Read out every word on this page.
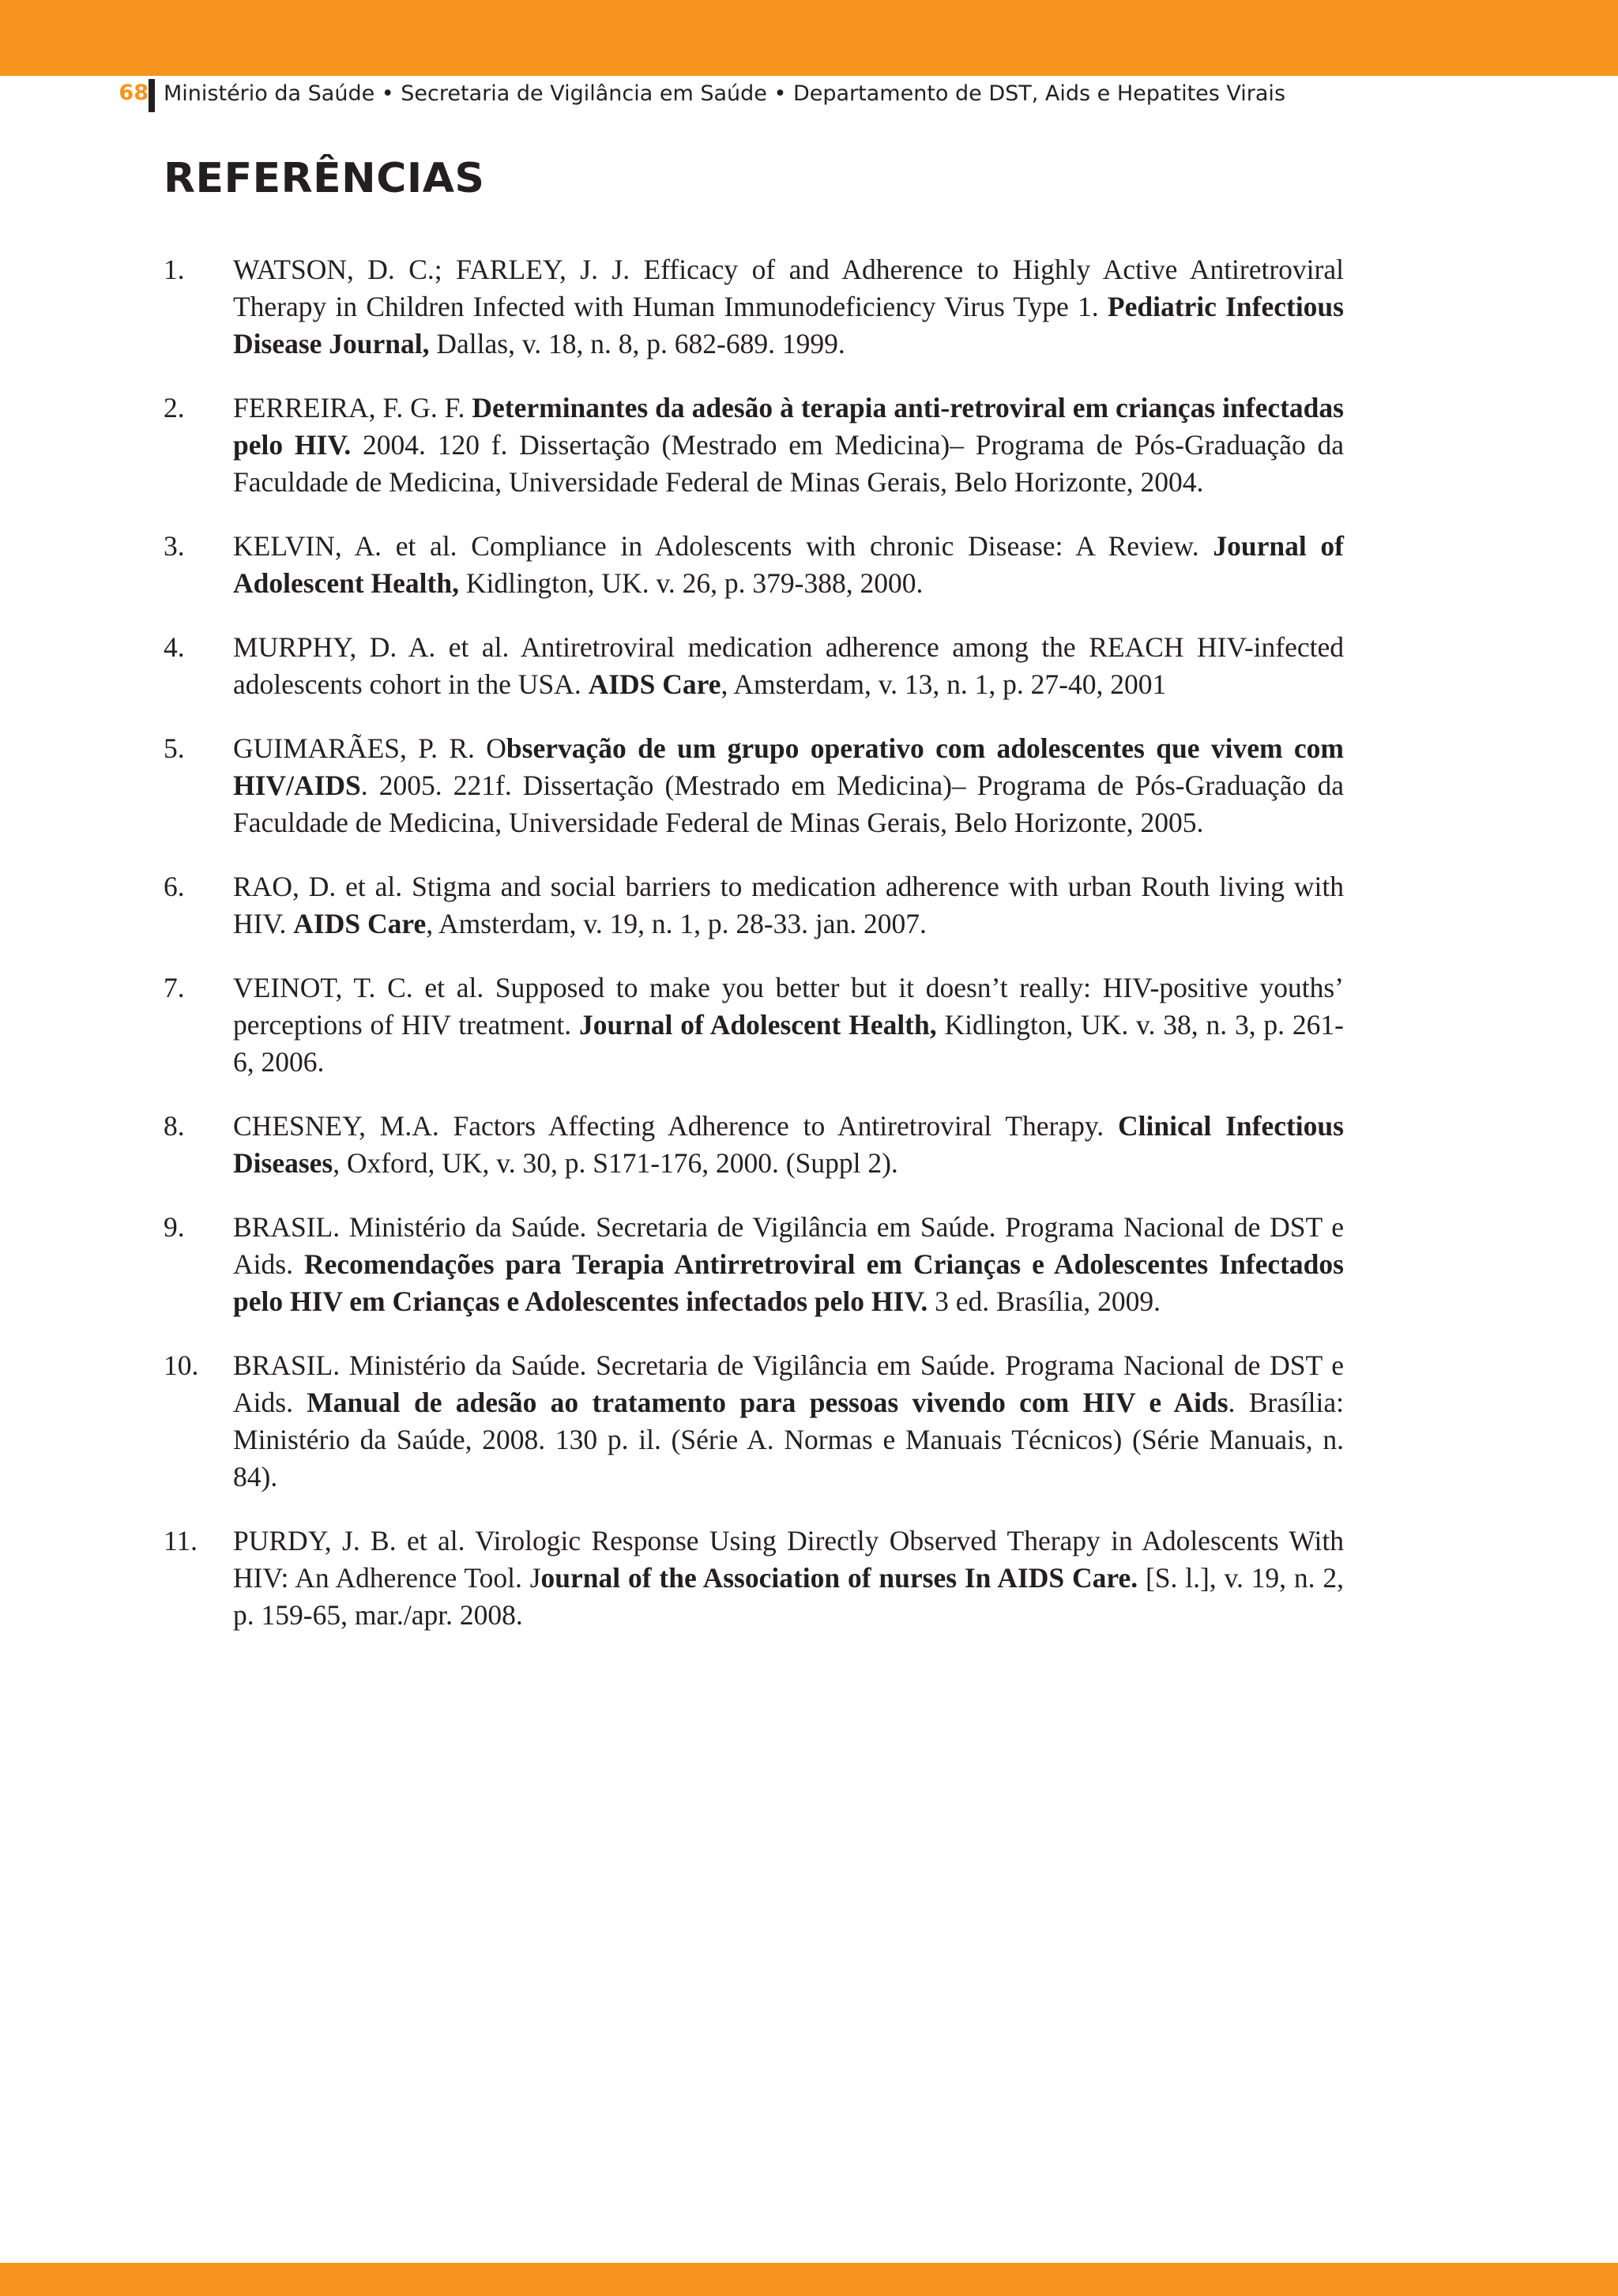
68 Ministério da Saúde • Secretaria de Vigilância em Saúde • Departamento de DST, Aids e Hepatites Virais
REFERÊNCIAS
1. WATSON, D. C.; FARLEY, J. J. Efficacy of and Adherence to Highly Active Antiretroviral Therapy in Children Infected with Human Immunodeficiency Virus Type 1. Pediatric Infectious Disease Journal, Dallas, v. 18, n. 8, p. 682-689. 1999.
2. FERREIRA, F. G. F. Determinantes da adesão à terapia anti-retroviral em crianças infectadas pelo HIV. 2004. 120 f. Dissertação (Mestrado em Medicina)– Programa de Pós-Graduação da Faculdade de Medicina, Universidade Federal de Minas Gerais, Belo Horizonte, 2004.
3. KELVIN, A. et al. Compliance in Adolescents with chronic Disease: A Review. Journal of Adolescent Health, Kidlington, UK. v. 26, p. 379-388, 2000.
4. MURPHY, D. A. et al. Antiretroviral medication adherence among the REACH HIV-infected adolescents cohort in the USA. AIDS Care, Amsterdam, v. 13, n. 1, p. 27-40, 2001
5. GUIMARÃES, P. R. Observação de um grupo operativo com adolescentes que vivem com HIV/AIDS. 2005. 221f. Dissertação (Mestrado em Medicina)– Programa de Pós-Graduação da Faculdade de Medicina, Universidade Federal de Minas Gerais, Belo Horizonte, 2005.
6. RAO, D. et al. Stigma and social barriers to medication adherence with urban Routh living with HIV. AIDS Care, Amsterdam, v. 19, n. 1, p. 28-33. jan. 2007.
7. VEINOT, T. C. et al. Supposed to make you better but it doesn’t really: HIV-positive youths’ perceptions of HIV treatment. Journal of Adolescent Health, Kidlington, UK. v. 38, n. 3, p. 261-6, 2006.
8. CHESNEY, M.A. Factors Affecting Adherence to Antiretroviral Therapy. Clinical Infectious Diseases, Oxford, UK, v. 30, p. S171-176, 2000. (Suppl 2).
9. BRASIL. Ministério da Saúde. Secretaria de Vigilância em Saúde. Programa Nacional de DST e Aids. Recomendações para Terapia Antirretroviral em Crianças e Adolescentes Infectados pelo HIV em Crianças e Adolescentes infectados pelo HIV. 3 ed. Brasília, 2009.
10. BRASIL. Ministério da Saúde. Secretaria de Vigilância em Saúde. Programa Nacional de DST e Aids. Manual de adesão ao tratamento para pessoas vivendo com HIV e Aids. Brasília: Ministério da Saúde, 2008. 130 p. il. (Série A. Normas e Manuais Técnicos) (Série Manuais, n. 84).
11. PURDY, J. B. et al. Virologic Response Using Directly Observed Therapy in Adolescents With HIV: An Adherence Tool. Journal of the Association of nurses In AIDS Care. [S. l.], v. 19, n. 2, p. 159-65, mar./apr. 2008.
